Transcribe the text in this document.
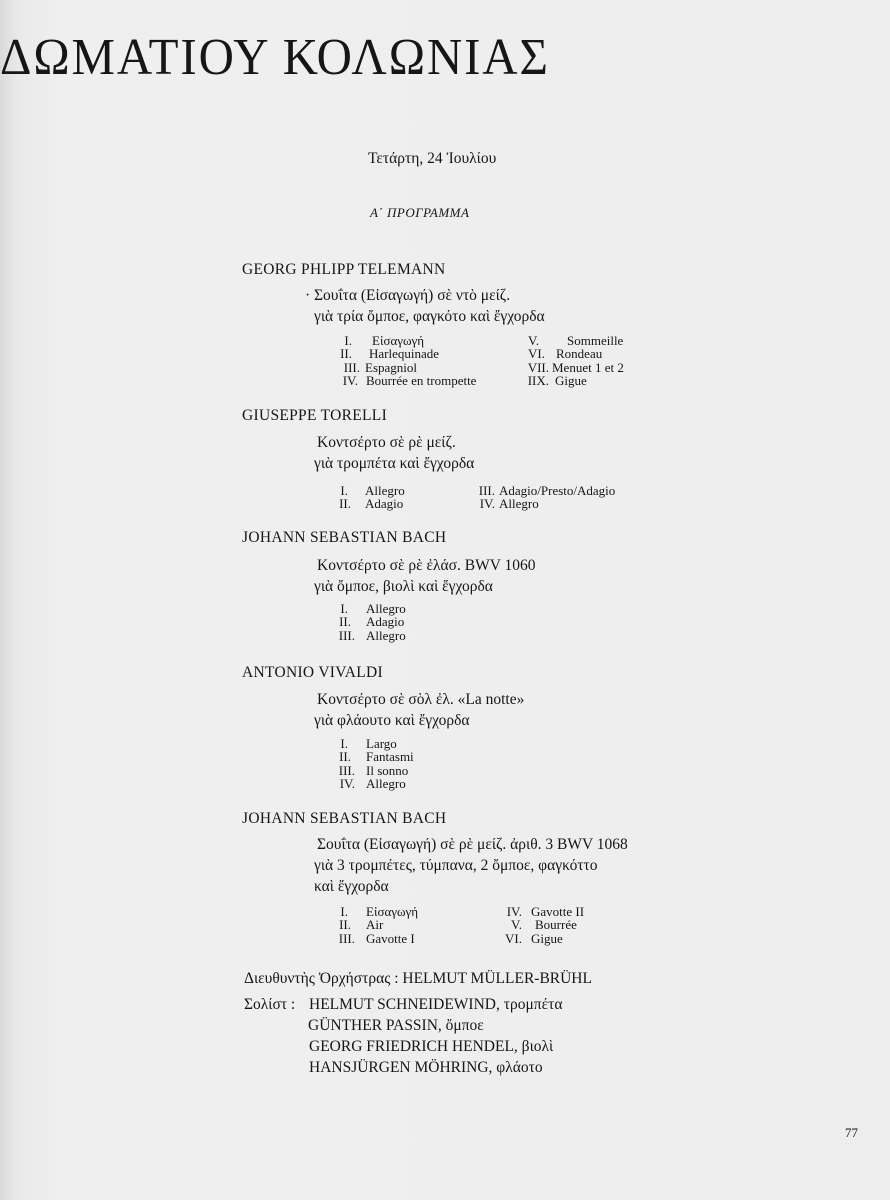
ΔΩΜΑΤΙΟΥ ΚΟΛΩΝΙΑΣ
Τετάρτη, 24 Ἰουλίου
Α΄ ΠΡΟΓΡΑΜΜΑ
GEORG PHLIPP TELEMANN
· Σουΐτα (Εἰσαγωγή) σὲ ντὸ μείζ.
γιὰ τρία ὄμποε, φαγκότο καὶ ἔγχορδα
I.	Εἰσαγωγή
II.	Harlequinade
III. Espagniol
IV. Bourrée en trompette
V.	Sommeille
VI. Rondeau
VII. Menuet 1 et 2
IIX. Gigue
GIUSEPPE TORELLI
Κοντσέρτο σὲ ρὲ μείζ.
γιὰ τρομπέτα καὶ ἔγχορδα
I.	Allegro
II.	Adagio
III. Adagio/Presto/Adagio
IV. Allegro
JOHANN SEBASTIAN BACH
Κοντσέρτο σὲ ρὲ ἐλάσ. BWV 1060
γιὰ ὄμποε, βιολὶ καὶ ἔγχορδα
I.	Allegro
II.	Adagio
III. Allegro
ANTONIO VIVALDI
Κοντσέρτο σὲ σὸλ ἐλ. «La notte»
γιὰ φλάουτο καὶ ἔγχορδα
I.	Largo
II.	Fantasmi
III. Il sonno
IV. Allegro
JOHANN SEBASTIAN BACH
Σουΐτα (Εἰσαγωγή) σὲ ρὲ μείζ. ἀριθ. 3 BWV 1068
γιὰ 3 τρομπέτες, τύμπανα, 2 ὄμποε, φαγκόττο
καὶ ἔγχορδα
I.	Εἰσαγωγή
II.	Air
III. Gavotte I
IV. Gavotte II
V.	Bourrée
VI. Gigue
Διευθυντὴς Ὀρχήστρας : HELMUT MÜLLER-BRÜHL
Σολίστ : HELMUT SCHNEIDEWIND, τρομπέτα
GÜNTHER PASSIN, ὄμποε
GEORG FRIEDRICH HENDEL, βιολὶ
HANSJÜRGEN MÖHRING, φλάοτο
77
